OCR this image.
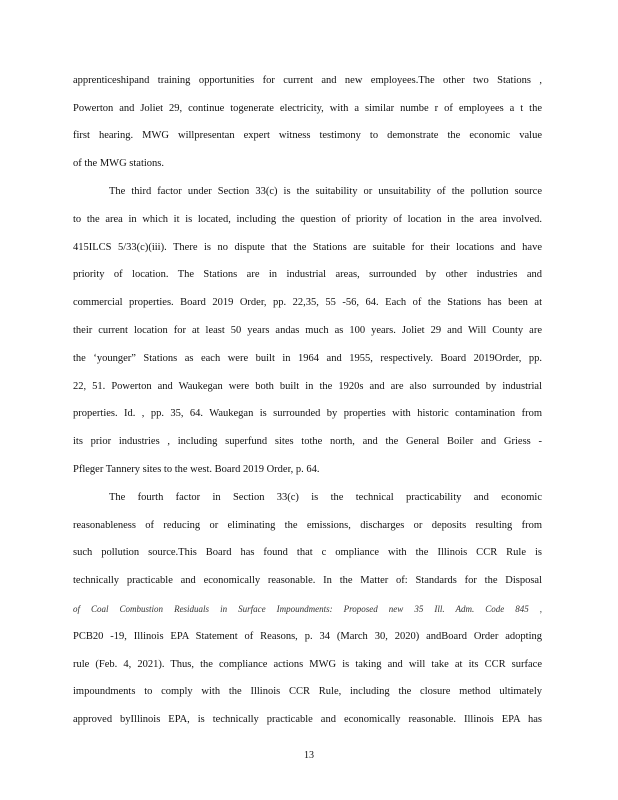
apprenticeshipand training opportunities for current and new employees.The other two Stations ,
Powerton and Joliet 29, continue togenerate electricity, with a similar numbe r of employees a t the
first hearing. MWG willpresentan expert witness testimony to demonstrate the economic value
of the MWG stations.
The third factor under Section 33(c) is the suitability or unsuitability of the pollution source
to the area in which it is located, including the question of priority of location in the area involved.
415ILCS 5/33(c)(iii). There is no dispute that the Stations are suitable for their locations and have
priority of location. The Stations are in industrial areas, surrounded by other industries and
commercial properties. Board 2019 Order, pp. 22,35, 55 -56, 64. Each of the Stations has been at
their current location for at least 50 years andas much as 100 years. Joliet 29 and Will County are
the ‘younger” Stations as each were built in 1964 and 1955, respectively. Board 2019Order, pp.
22, 51. Powerton and Waukegan were both built in the 1920s and are also surrounded by industrial
properties. Id. , pp. 35, 64. Waukegan is surrounded by properties with historic contamination from
its prior industries , including superfund sites tothe north, and the General Boiler and Griess -
Pfleger Tannery sites to the west. Board 2019 Order, p. 64.
The fourth factor in Section 33(c) is the technical practicability and economic
reasonableness of reducing or eliminating the emissions, discharges or deposits resulting from
such pollution source.This Board has found that c ompliance with the Illinois CCR Rule is
technically practicable and economically reasonable. In the Matter of: Standards for the Disposal
of Coal Combustion Residuals in Surface Impoundments: Proposed new 35 Ill. Adm. Code 845 ,
PCB20 -19, Illinois EPA Statement of Reasons, p. 34 (March 30, 2020) andBoard Order adopting
rule (Feb. 4, 2021). Thus, the compliance actions MWG is taking and will take at its CCR surface
impoundments to comply with the Illinois CCR Rule, including the closure method ultimately
approved byIllinois EPA, is technically practicable and economically reasonable. Illinois EPA has
13
